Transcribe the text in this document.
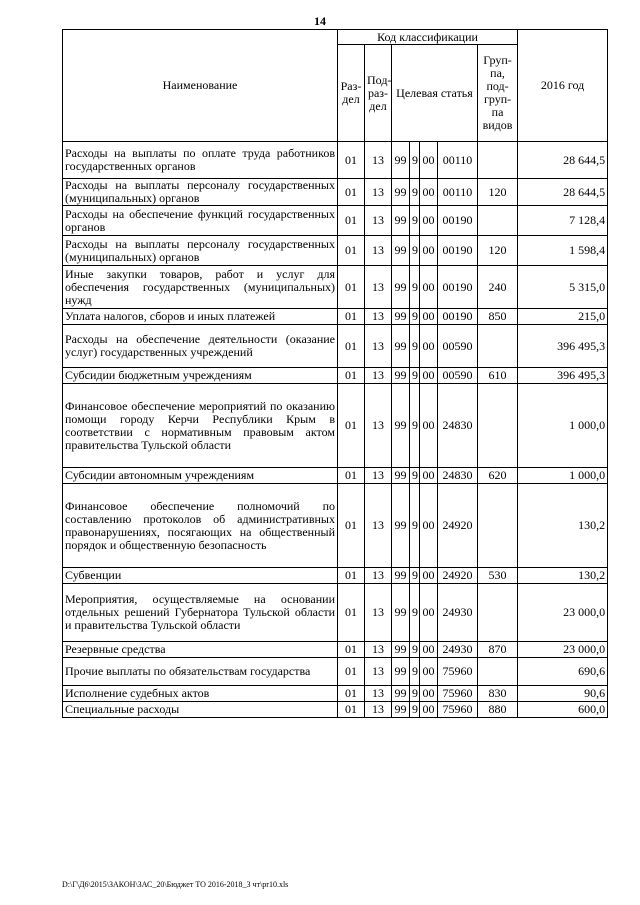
14
Наименование	Код классификации							2016 год
	Раз-дел	Под-раз-дел	Целевая статья				Груп-па, под-груп-па видов	
Расходы на выплаты по оплате труда работников государственных органов	01	13	99	9	00	00110		28 644,5
Расходы на выплаты персоналу государственных (муниципальных) органов	01	13	99	9	00	00110	120	28 644,5
Расходы на обеспечение функций государственных органов	01	13	99	9	00	00190		7 128,4
Расходы на выплаты персоналу государственных (муниципальных) органов	01	13	99	9	00	00190	120	1 598,4
Иные закупки товаров, работ и услуг для обеспечения государственных (муниципальных) нужд	01	13	99	9	00	00190	240	5 315,0
Уплата налогов, сборов и иных платежей	01	13	99	9	00	00190	850	215,0
Расходы на обеспечение деятельности (оказание услуг) государственных учреждений	01	13	99	9	00	00590		396 495,3
Субсидии бюджетным учреждениям	01	13	99	9	00	00590	610	396 495,3
Финансовое обеспечение мероприятий по оказанию помощи городу Керчи Республики Крым в соответствии с нормативным правовым актом правительства Тульской области	01	13	99	9	00	24830		1 000,0
Субсидии автономным учреждениям	01	13	99	9	00	24830	620	1 000,0
Финансовое обеспечение полномочий по составлению протоколов об административных правонарушениях, посягающих на общественный порядок и общественную безопасность	01	13	99	9	00	24920		130,2
Субвенции	01	13	99	9	00	24920	530	130,2
Мероприятия, осуществляемые на основании отдельных решений Губернатора Тульской области и правительства Тульской области	01	13	99	9	00	24930		23 000,0
Резервные средства	01	13	99	9	00	24930	870	23 000,0
Прочие выплаты по обязательствам государства	01	13	99	9	00	75960		690,6
Исполнение судебных актов	01	13	99	9	00	75960	830	90,6
Специальные расходы	01	13	99	9	00	75960	880	600,0
D:\Г\Д6\2015\ЗАКОН\ЗАС_20\Бюджет ТО 2016-2018_3 чт\pr10.xls
